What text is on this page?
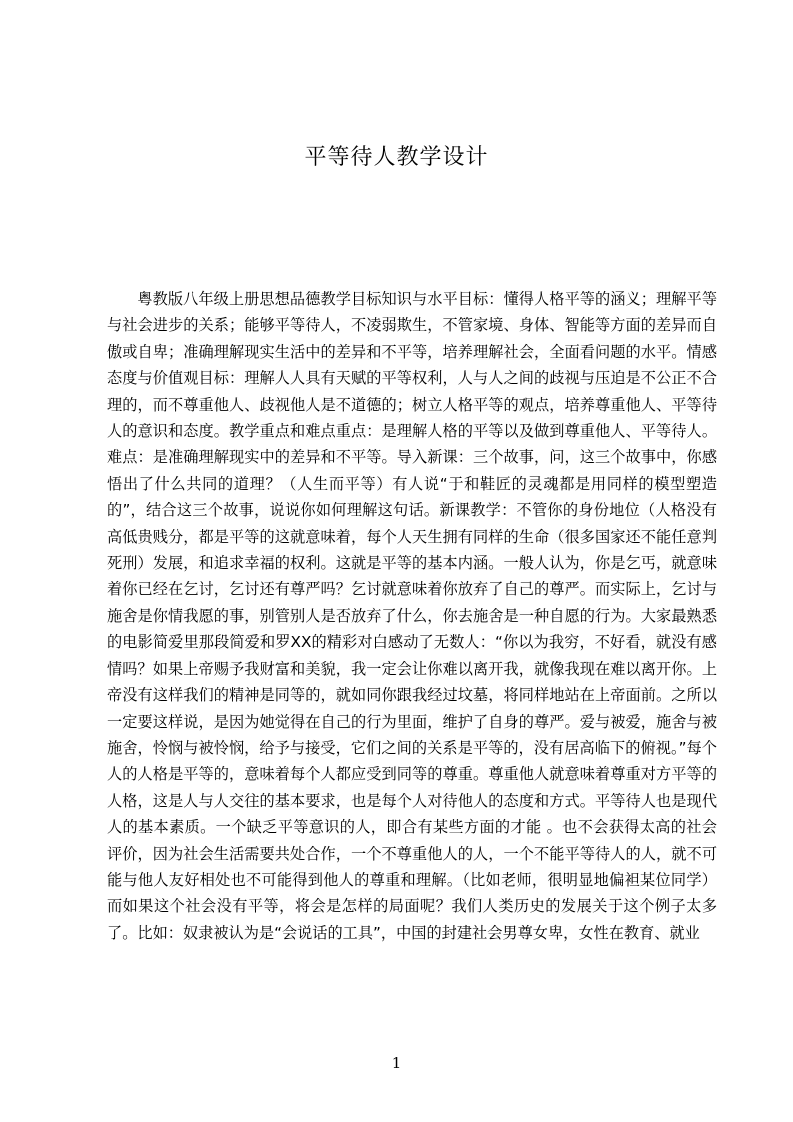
平等待人教学设计

粤教版八年级上册思想品德教学目标知识与水平目标：懂得人格平等的涵义；理解平等与社会进步的关系；能够平等待人，不凌弱欺生，不管家境、身体、智能等方面的差异而自傲或自卑；准确理解现实生活中的差异和不平等，培养理解社会，全面看问题的水平。情感态度与价值观目标：理解人人具有天赋的平等权利，人与人之间的歧视与压迫是不公正不合理的，而不尊重他人、歧视他人是不道德的；树立人格平等的观点，培养尊重他人、平等待人的意识和态度。教学重点和难点重点：是理解人格的平等以及做到尊重他人、平等待人。难点：是准确理解现实中的差异和不平等。导入新课：三个故事，问，这三个故事中，你感悟出了什么共同的道理？（人生而平等）有人说“于和鞋匠的灵魂都是用同样的模型塑造的”，结合这三个故事，说说你如何理解这句话。新课教学：不管你的身份地位（人格没有高低贵贱分，都是平等的这就意味着，每个人天生拥有同样的生命（很多国家还不能任意判死刑）发展，和追求幸福的权利。这就是平等的基本内涵。一般人认为，你是乞丐，就意味着你已经在乞讨，乞讨还有尊严吗？乞讨就意味着你放弃了自己的尊严。而实际上，乞讨与施舍是你情我愿的事，别管别人是否放弃了什么，你去施舍是一种自愿的行为。大家最熟悉的电影简爱里那段简爱和罗XX的精彩对白感动了无数人：“你以为我穷，不好看，就没有感情吗？如果上帝赐予我财富和美貌，我一定会让你难以离开我，就像我现在难以离开你。上帝没有这样我们的精神是同等的，就如同你跟我经过坟墓，将同样地站在上帝面前。之所以一定要这样说，是因为她觉得在自己的行为里面，维护了自身的尊严。爱与被爱，施舍与被施舍，怜悯与被怜悯，给予与接受，它们之间的关系是平等的，没有居高临下的俯视。”每个人的人格是平等的，意味着每个人都应受到同等的尊重。尊重他人就意味着尊重对方平等的人格，这是人与人交往的基本要求，也是每个人对待他人的态度和方式。平等待人也是现代人的基本素质。一个缺乏平等意识的人，即合有某些方面的才能 。也不会获得太高的社会评价，因为社会生活需要共处合作，一个不尊重他人的人，一个不能平等待人的人，就不可能与他人友好相处也不可能得到他人的尊重和理解。（比如老师，很明显地偏袒某位同学）而如果这个社会没有平等，将会是怎样的局面呢？我们人类历史的发展关于这个例子太多了。比如：奴隶被认为是“会说话的工具”，中国的封建社会男尊女卑，女性在教育、就业

1
